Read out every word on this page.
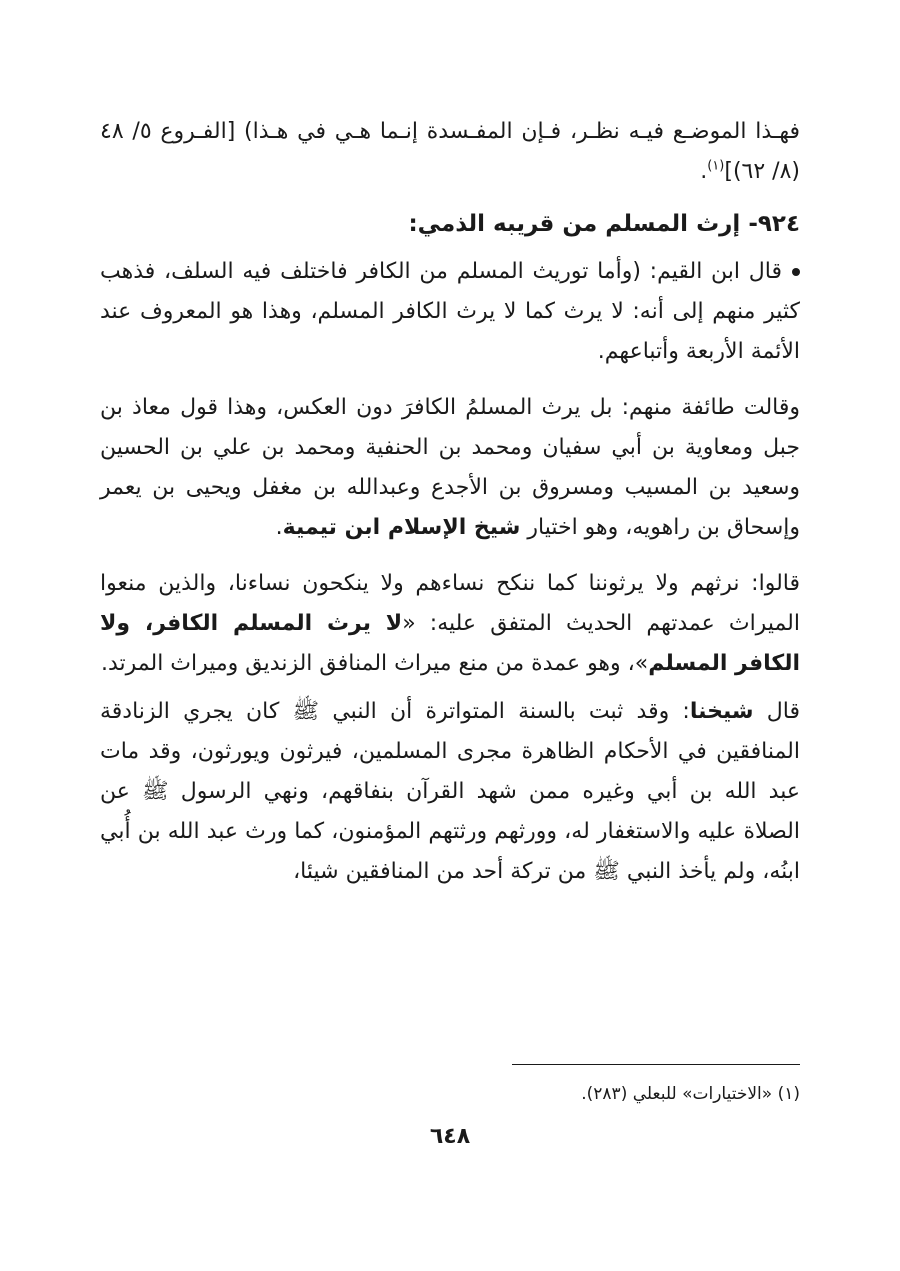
فهـذا الموضـع فيـه نظـر، فـإن المفـسدة إنـما هـي في هـذا) [الفـروع ٥/ ٤٨ (٨/ ٦٢)]$^{(١)}$.

٩٢٤- إرث المسلم من قريبه الذمي:

قال ابن القيم: (وأما توريث المسلم من الكافر فاختلف فيه السلف، فذهب كثير منهم إلى أنه: لا يرث كما لا يرث الكافر المسلم، وهذا هو المعروف عند الأئمة الأربعة وأتباعهم.

وقالت طائفة منهم: بل يرث المسلمُ الكافرَ دون العكس، وهذا قول معاذ بن جبل ومعاوية بن أبي سفيان ومحمد بن الحنفية ومحمد بن علي بن الحسين وسعيد بن المسيب ومسروق بن الأجدع وعبدالله بن مغفل ويحيى بن يعمر وإسحاق بن راهويه، وهو اختيار شيخ الإسلام ابن تيمية.

قالوا: نرثهم ولا يرثوننا كما ننكح نساءهم ولا ينكحون نساءنا، والذين منعوا الميراث عمدتهم الحديث المتفق عليه: «لا يرث المسلم الكافر، ولا الكافر المسلم»، وهو عمدة من منع ميراث المنافق الزنديق وميراث المرتد.

قال شيخنا: وقد ثبت بالسنة المتواترة أن النبي ﷺ كان يجري الزنادقة المنافقين في الأحكام الظاهرة مجرى المسلمين، فيرثون ويورثون، وقد مات عبد الله بن أبي وغيره ممن شهد القرآن بنفاقهم، ونهي الرسول ﷺ عن الصلاة عليه والاستغفار له، وورثهم ورثتهم المؤمنون، كما ورث عبد الله بن أُبي ابنُه، ولم يأخذ النبي ﷺ من تركة أحد من المنافقين شيئا،

(١) «الاختيارات» للبعلي (٢٨٣).

٦٤٨
